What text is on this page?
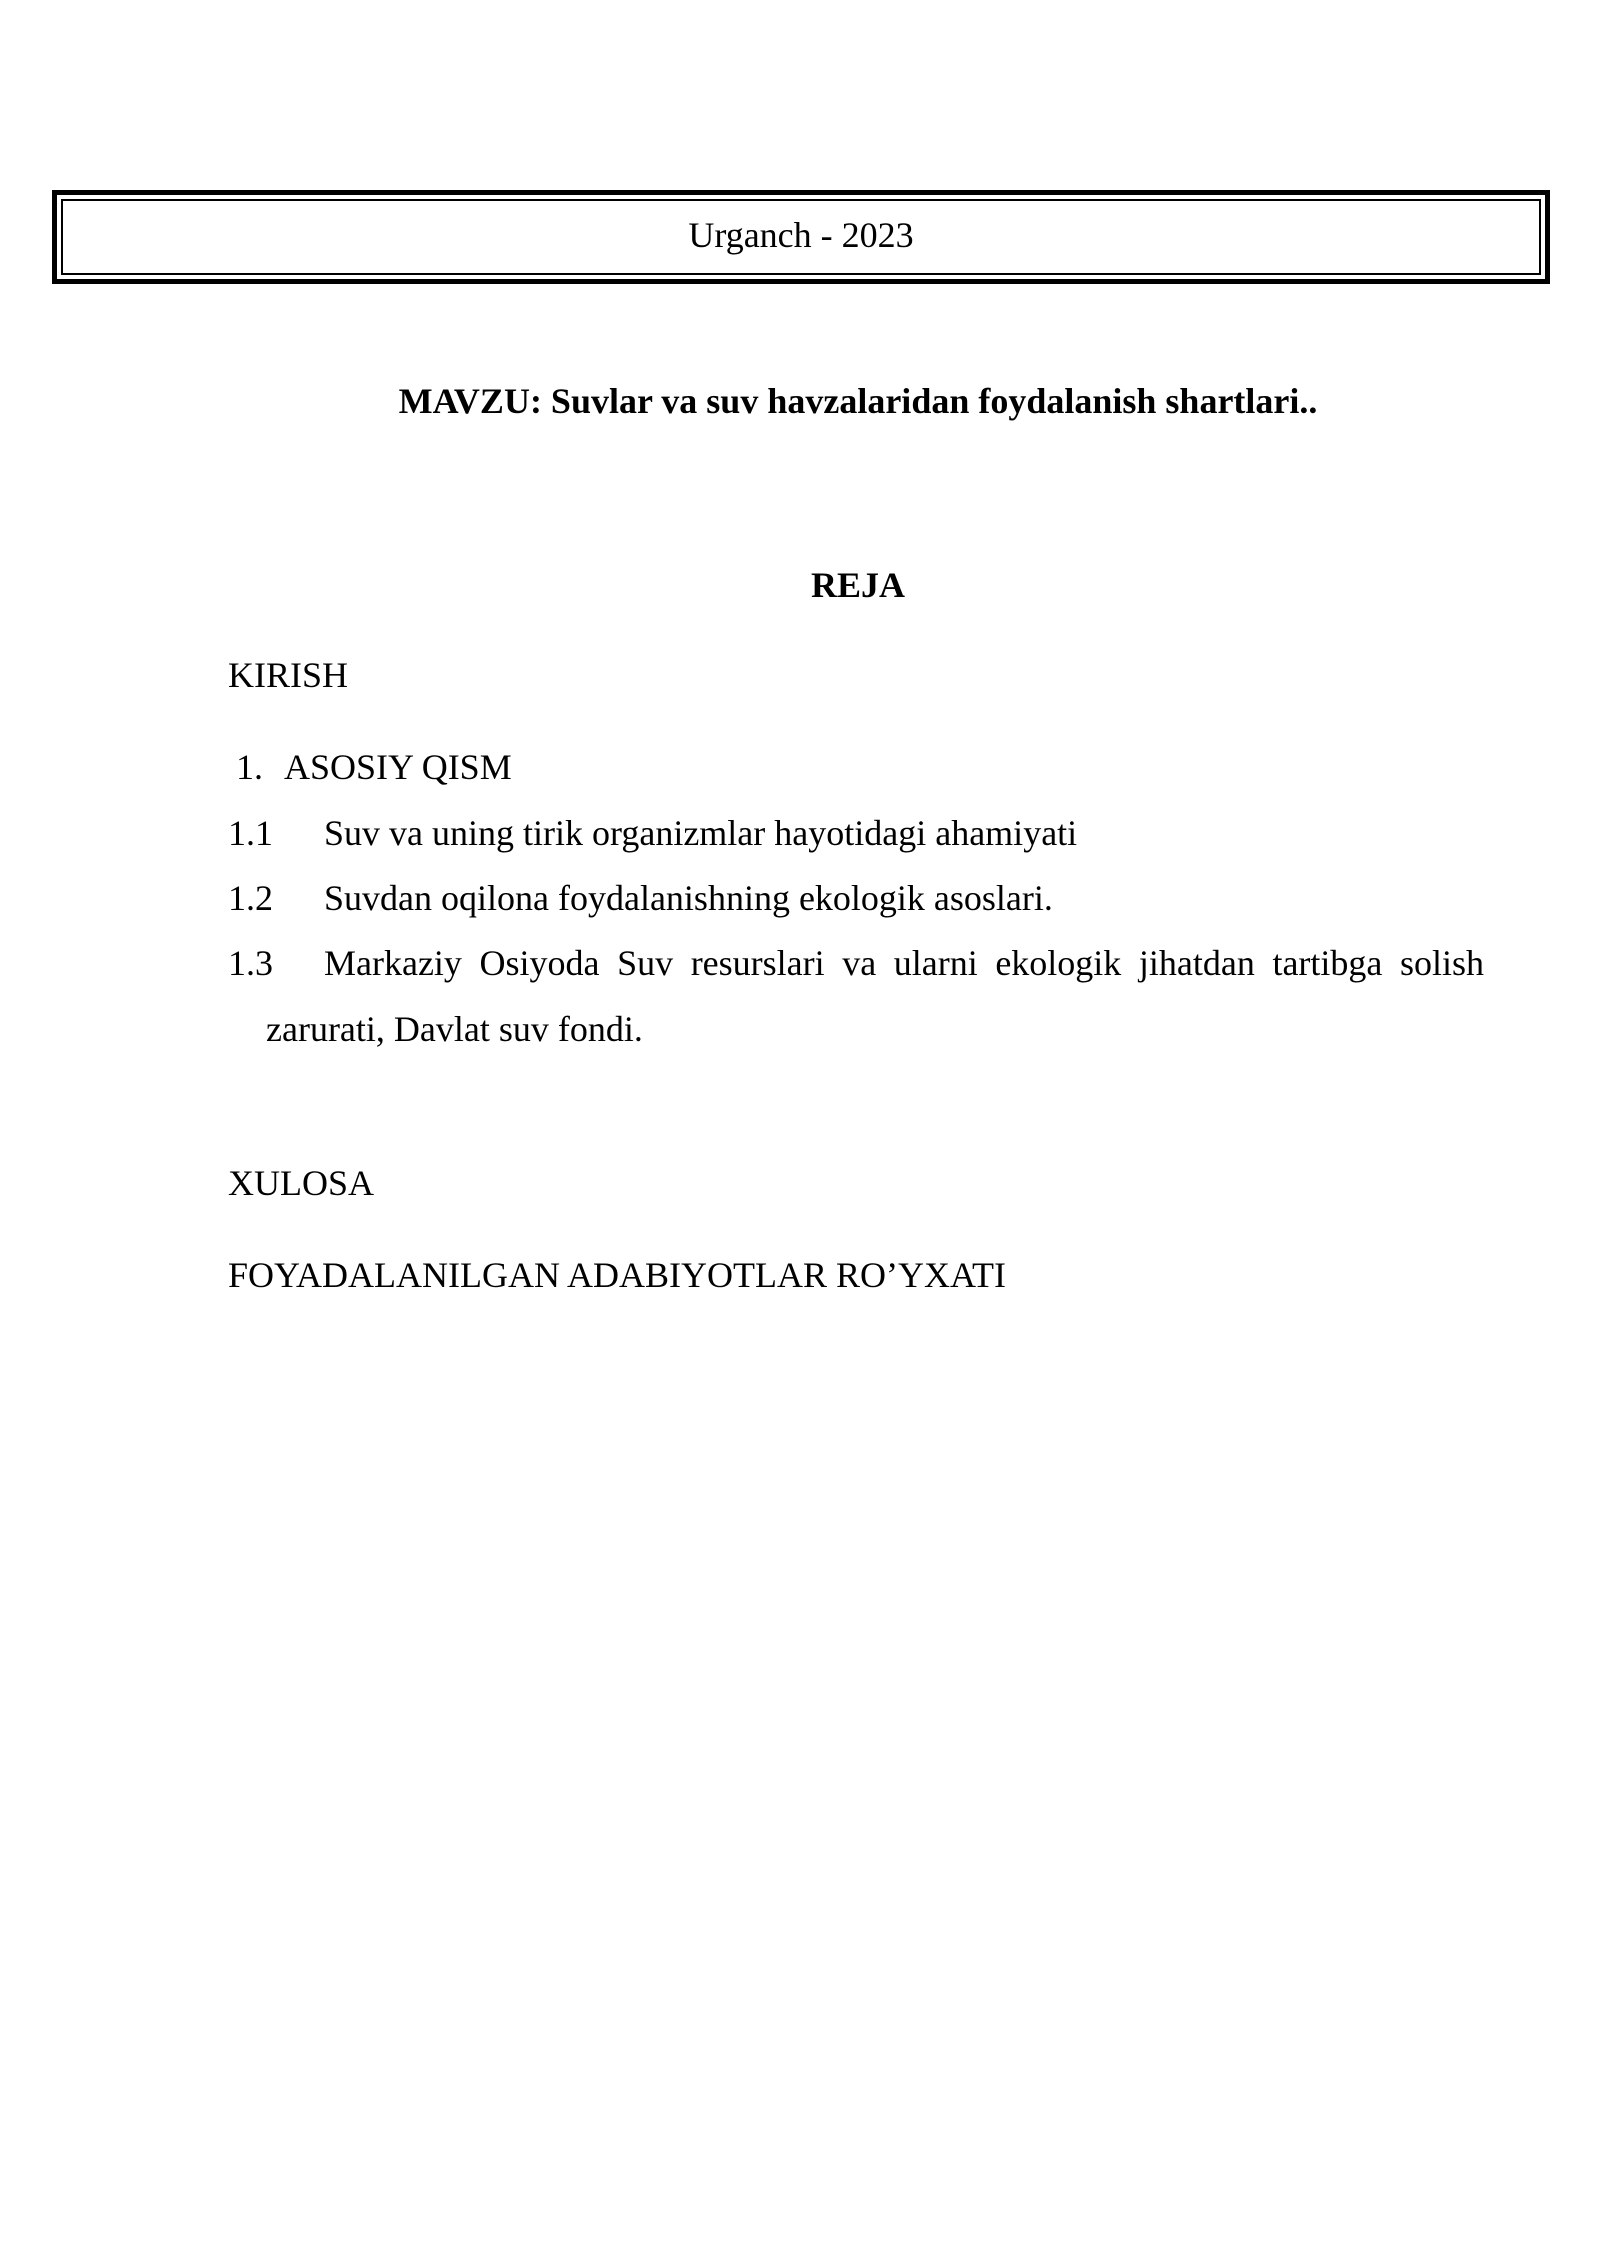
Urganch - 2023
MAVZU: Suvlar va suv havzalaridan foydalanish shartlari..
REJA
KIRISH
1. ASOSIY QISM
1.1 Suv va uning tirik organizmlar hayotidagi ahamiyati
1.2 Suvdan oqilona foydalanishning ekologik asoslari.
1.3	Markaziy Osiyoda Suv resurslari va ularni ekologik jihatdan tartibga solish
zarurati, Davlat suv fondi.
XULOSA
FOYADALANILGAN ADABIYOTLAR RO’YXATI
